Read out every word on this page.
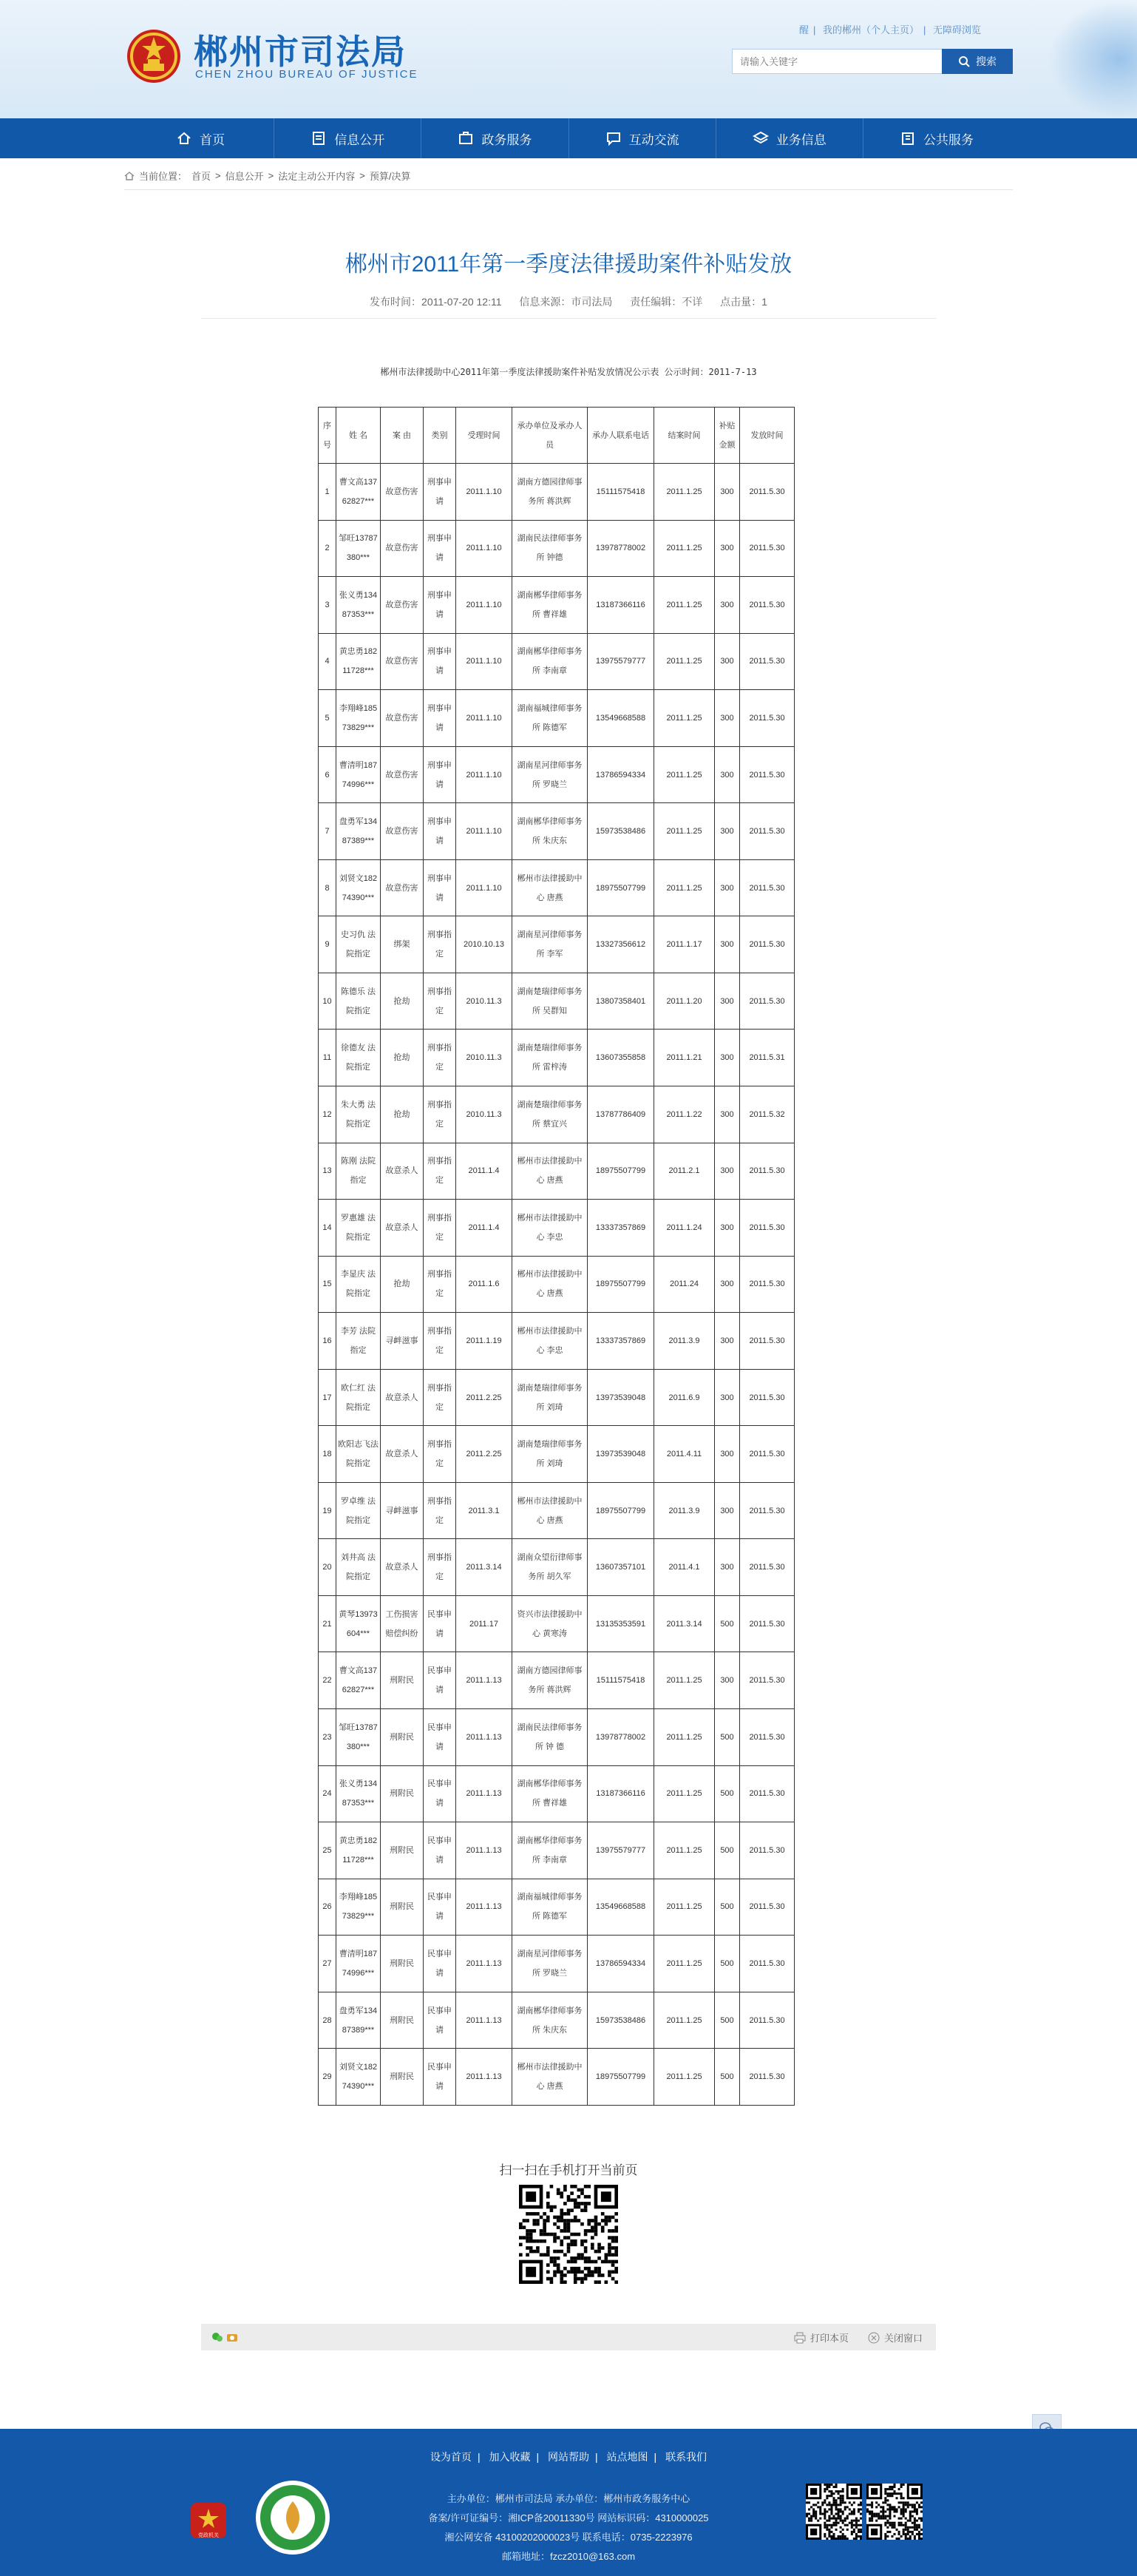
郴州市司法局
CHEN ZHOU BUREAU OF JUSTICE
醒 | 我的郴州（个人主页） | 无障碍浏览
请输入关键字
搜索
首页	信息公开	政务服务	互动交流	业务信息	公共服务
当前位置： 首页 > 信息公开 > 法定主动公开内容 > 预算/决算
郴州市2011年第一季度法律援助案件补贴发放
发布时间：2011-07-20 12:11 信息来源：市司法局 责任编辑：不详 点击量：1
郴州市法律援助中心2011年第一季度法律援助案件补贴发放情况公示表 公示时间：2011-7-13
序号	姓 名	案 由	类别	受理时间	承办单位及承办人员	承办人联系电话	结案时间	补贴金额	发放时间
1	曹文高13762827***	故意伤害	刑事申请	2011.1.10	湖南方德园律师事务所 蒋洪辉	15111575418	2011.1.25	300	2011.5.30
2	邹旺13787380***	故意伤害	刑事申请	2011.1.10	湖南民法律师事务所 钟德	13978778002	2011.1.25	300	2011.5.30
3	张义勇13487353***	故意伤害	刑事申请	2011.1.10	湖南郴华律师事务所 曹祥雄	13187366116	2011.1.25	300	2011.5.30
4	黄忠勇18211728***	故意伤害	刑事申请	2011.1.10	湖南郴华律师事务所 李南章	13975579777	2011.1.25	300	2011.5.30
5	李翔峰18573829***	故意伤害	刑事申请	2011.1.10	湖南福城律师事务所 陈德军	13549668588	2011.1.25	300	2011.5.30
6	曹清明18774996***	故意伤害	刑事申请	2011.1.10	湖南星河律师事务所 罗晓兰	13786594334	2011.1.25	300	2011.5.30
7	盘勇军13487389***	故意伤害	刑事申请	2011.1.10	湖南郴华律师事务所 朱庆东	15973538486	2011.1.25	300	2011.5.30
8	刘贤文18274390***	故意伤害	刑事申请	2011.1.10	郴州市法律援助中心 唐燕	18975507799	2011.1.25	300	2011.5.30
9	史习仇 法院指定	绑架	刑事指定	2010.10.13	湖南星河律师事务所 李军	13327356612	2011.1.17	300	2011.5.30
10	陈德乐 法院指定	抢劫	刑事指定	2010.11.3	湖南楚瑞律师事务所 吴群知	13807358401	2011.1.20	300	2011.5.30
11	徐德友 法院指定	抢劫	刑事指定	2010.11.3	湖南楚瑞律师事务所 雷梓涛	13607355858	2011.1.21	300	2011.5.31
12	朱大勇 法院指定	抢劫	刑事指定	2010.11.3	湖南楚瑞律师事务所 蔡宜兴	13787786409	2011.1.22	300	2011.5.32
13	陈刚 法院指定	故意杀人	刑事指定	2011.1.4	郴州市法律援助中心 唐燕	18975507799	2011.2.1	300	2011.5.30
14	罗惠雄 法院指定	故意杀人	刑事指定	2011.1.4	郴州市法律援助中心 李忠	13337357869	2011.1.24	300	2011.5.30
15	李显庆 法院指定	抢劫	刑事指定	2011.1.6	郴州市法律援助中心 唐燕	18975507799	2011.24	300	2011.5.30
16	李芳 法院指定	寻衅滋事	刑事指定	2011.1.19	郴州市法律援助中心 李忠	13337357869	2011.3.9	300	2011.5.30
17	欧仁红 法院指定	故意杀人	刑事指定	2011.2.25	湖南楚瑞律师事务所 刘琦	13973539048	2011.6.9	300	2011.5.30
18	欧阳志飞法院指定	故意杀人	刑事指定	2011.2.25	湖南楚瑞律师事务所 刘琦	13973539048	2011.4.11	300	2011.5.30
19	罗卓维 法院指定	寻衅滋事	刑事指定	2011.3.1	郴州市法律援助中心 唐燕	18975507799	2011.3.9	300	2011.5.30
20	刘井高 法院指定	故意杀人	刑事指定	2011.3.14	湖南众望衍律师事务所 胡久军	13607357101	2011.4.1	300	2011.5.30
21	黄琴13973604***	工伤损害赔偿纠纷	民事申请	2011.17	资兴市法律援助中心 黄寒涛	13135353591	2011.3.14	500	2011.5.30
22	曹文高13762827***	刑附民	民事申请	2011.1.13	湖南方德园律师事务所 蒋洪辉	15111575418	2011.1.25	300	2011.5.30
23	邹旺13787380***	刑附民	民事申请	2011.1.13	湖南民法律师事务所 钟 德	13978778002	2011.1.25	500	2011.5.30
24	张义勇13487353***	刑附民	民事申请	2011.1.13	湖南郴华律师事务所 曹祥雄	13187366116	2011.1.25	500	2011.5.30
25	黄忠勇18211728***	刑附民	民事申请	2011.1.13	湖南郴华律师事务所 李南章	13975579777	2011.1.25	500	2011.5.30
26	李翔峰18573829***	刑附民	民事申请	2011.1.13	湖南福城律师事务所 陈德军	13549668588	2011.1.25	500	2011.5.30
27	曹清明18774996***	刑附民	民事申请	2011.1.13	湖南星河律师事务所 罗晓兰	13786594334	2011.1.25	500	2011.5.30
28	盘勇军13487389***	刑附民	民事申请	2011.1.13	湖南郴华律师事务所 朱庆东	15973538486	2011.1.25	500	2011.5.30
29	刘贤文18274390***	刑附民	民事申请	2011.1.13	郴州市法律援助中心 唐燕	18975507799	2011.1.25	500	2011.5.30
扫一扫在手机打开当前页
打印本页	关闭窗口
设为首页 | 加入收藏 | 网站帮助 | 站点地图 | 联系我们
主办单位：郴州市司法局 承办单位：郴州市政务服务中心
备案/许可证编号：湘ICP备20011330号 网站标识码：4310000025
湘公网安备 43100202000023号 联系电话：0735-2223976
邮箱地址：fzcz2010@163.com
党政机关
